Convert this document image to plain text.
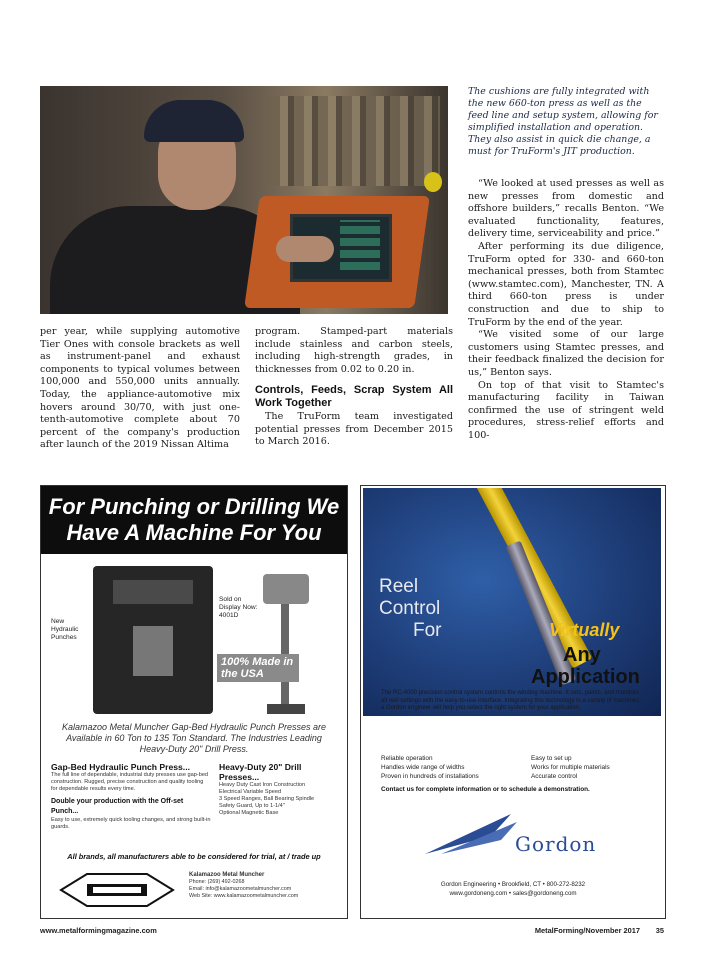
The cushions are fully integrated with the new 660-ton press as well as the feed line and setup system, allowing for simplified installation and operation. They also assist in quick die change, a must for TruForm's JIT production.

“We looked at used presses as well as new presses from domestic and offshore builders,” recalls Benton. “We evaluated functionality, features, delivery time, serviceability and price.”

After performing its due diligence, TruForm opted for 330- and 660-ton mechanical presses, both from Stamtec (www.stamtec.com), Manchester, TN. A third 660-ton press is under construction and due to ship to TruForm by the end of the year.

“We visited some of our large customers using Stamtec presses, and their feedback finalized the decision for us,” Benton says.

On top of that visit to Stamtec's manufacturing facility in Taiwan confirmed the use of stringent weld procedures, stress-relief efforts and 100-

per year, while supplying automotive Tier Ones with console brackets as well as instrument-panel and exhaust components to typical volumes between 100,000 and 550,000 units annually. Today, the appliance-automotive mix hovers around 30/70, with just one-tenth-automotive complete about 70 percent of the company's production after launch of the 2019 Nissan Altima

program. Stamped-part materials include stainless and carbon steels, including high-strength grades, in thicknesses from 0.02 to 0.20 in.

Controls, Feeds, Scrap System All Work Together

The TruForm team investigated potential presses from December 2015 to March 2016.

For Punching or Drilling We Have A Machine For You
New Hydraulic Punches
Sold on Display Now: 4001D
100% Made in the USA
Kalamazoo Metal Muncher Gap-Bed Hydraulic Punch Presses are Available in 60 Ton to 135 Ton Standard. The Industries Leading Heavy-Duty 20" Drill Press.
Gap-Bed Hydraulic Punch Press...
The full line of dependable, industrial duty presses use gap-bed construction. Rugged, precise construction and quality tooling for dependable results every time.
Double your production with the Off-set Punch...
Easy to use, extremely quick tooling changes, and strong built-in guards.
Heavy-Duty 20" Drill Presses...
Heavy Duty Cast Iron Construction
Electrical Variable Speed
3 Speed Ranges, Ball Bearing Spindle
Safety Guard, Up to 1-1/4"
Optional Magnetic Base
All brands, all manufacturers able to be considered for trial, at / trade up
Kalamazoo Metal Muncher
Phone: (269) 492-0268
Email: info@kalamazoometalmuncher.com
Web Site: www.kalamazoometalmuncher.com
Reel
Control
For	Virtually
Any
Application
The RC-4000 precision control system controls the winding machine. It sets, paints, and monitors all reel settings with the easy-to-use interface. Integrating this technology in a variety of machines, a Gordon engineer will help you select the right system for your application.
Reliable operation
Handles wide range of widths
Proven in hundreds of installations
Easy to set up
Works for multiple materials
Accurate control
Contact us for complete information or to schedule a demonstration.
Gordon
Gordon Engineering • Brookfield, CT • 800-272-8232
www.gordoneng.com • sales@gordoneng.com
www.metalformingmagazine.com	MetalForming/November 2017 35
